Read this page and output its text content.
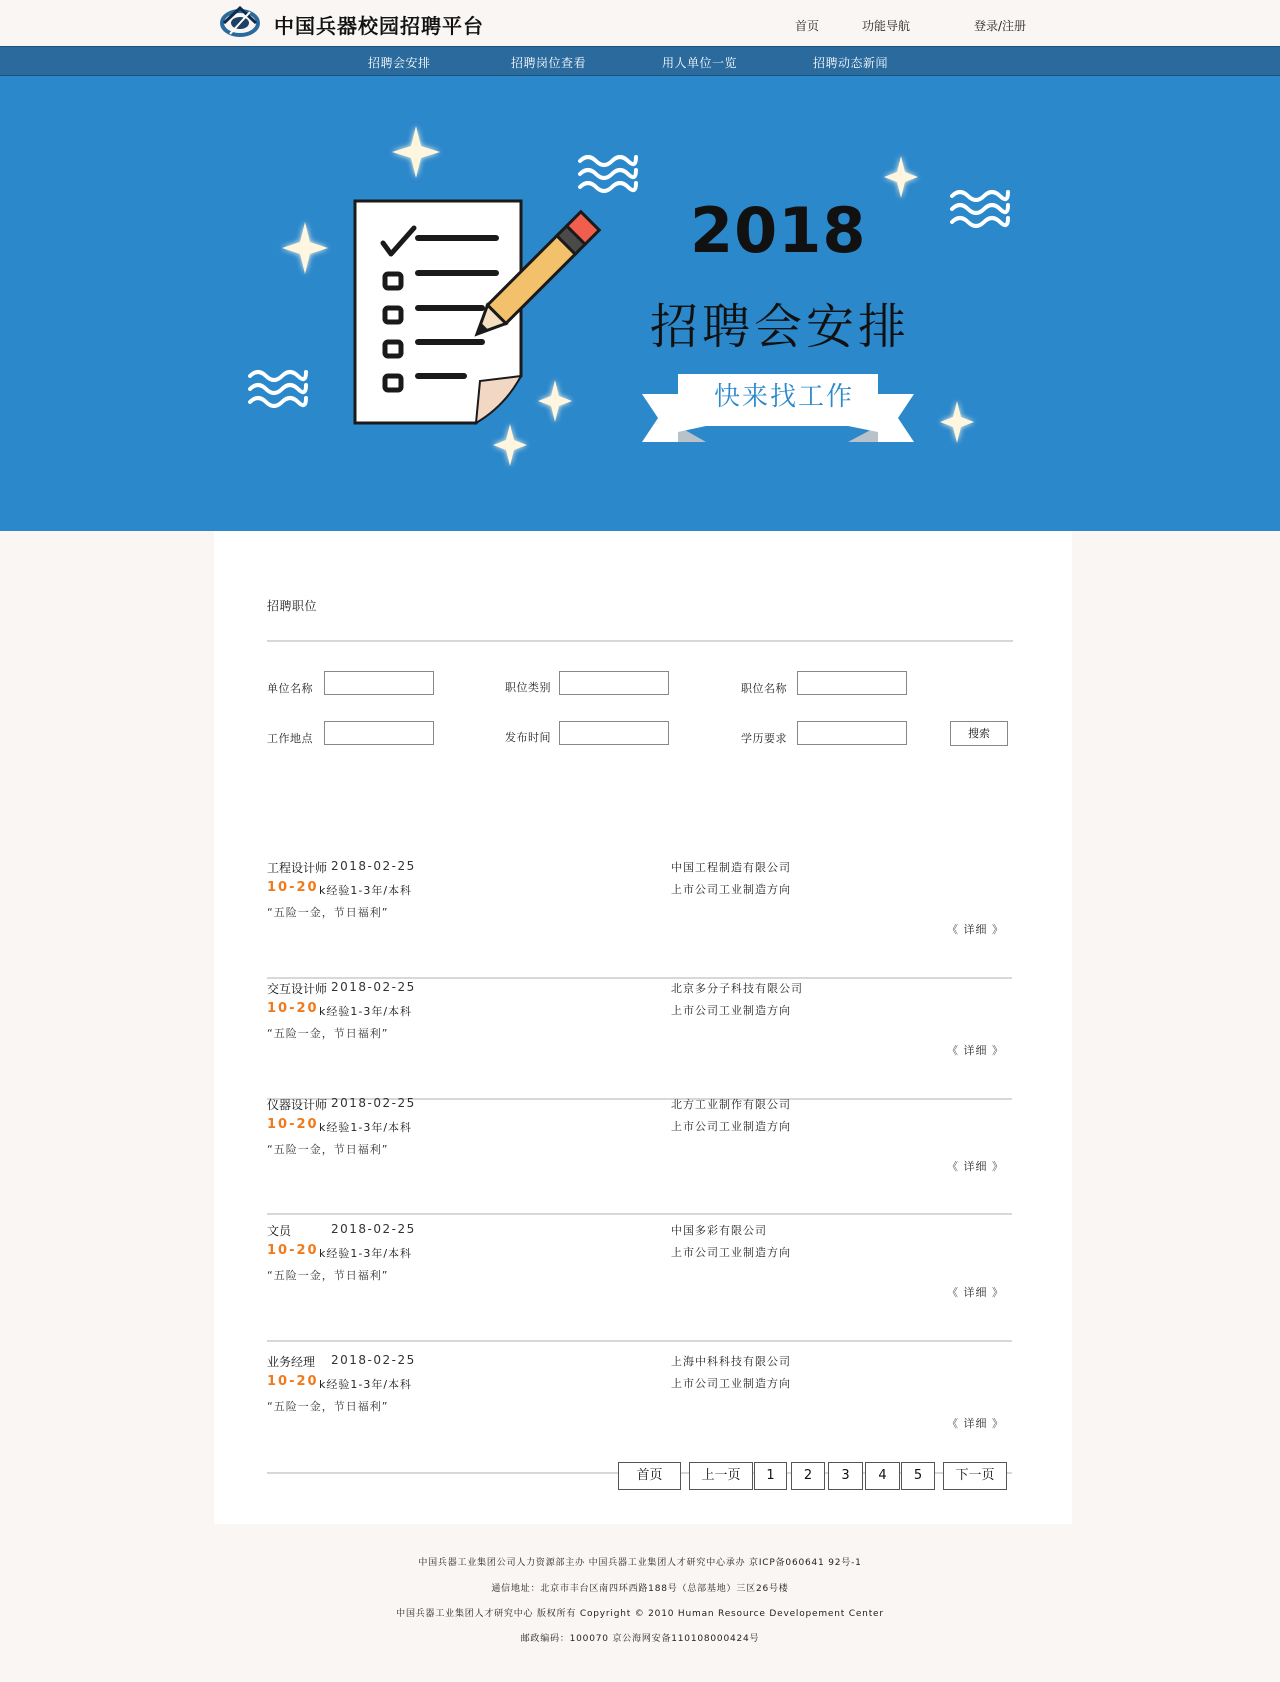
中国兵器校园招聘平台	首页	功能导航	登录/注册
招聘会安排	招聘岗位查看	用人单位一览	招聘动态新闻
2018
招聘会安排
快来找工作
招聘职位
单位名称	职位类别	职位名称
工作地点	发布时间	学历要求	搜索
工程设计师 2018-02-25
10-20 k经验1-3年/本科
“五险一金，节日福利”
中国工程制造有限公司
上市公司工业制造方向
《 详细 》
交互设计师 2018-02-25
10-20 k经验1-3年/本科
“五险一金，节日福利”
北京多分子科技有限公司
上市公司工业制造方向
《 详细 》
仪器设计师 2018-02-25
10-20 k经验1-3年/本科
“五险一金，节日福利”
北方工业制作有限公司
上市公司工业制造方向
《 详细 》
文员	2018-02-25
10-20 k经验1-3年/本科
“五险一金，节日福利”
中国多彩有限公司
上市公司工业制造方向
《 详细 》
业务经理 2018-02-25
10-20 k经验1-3年/本科
“五险一金，节日福利”
上海中科科技有限公司
上市公司工业制造方向
《 详细 》
首页	上一页	1	2	3	4	5	下一页
中国兵器工业集团公司人力资源部主办 中国兵器工业集团人才研究中心承办 京ICP备060641 92号-1
通信地址：北京市丰台区南四环西路188号（总部基地）三区26号楼
中国兵器工业集团人才研究中心 版权所有 Copyright © 2010 Human Resource Developement Center
邮政编码：100070 京公海网安备110108000424号
